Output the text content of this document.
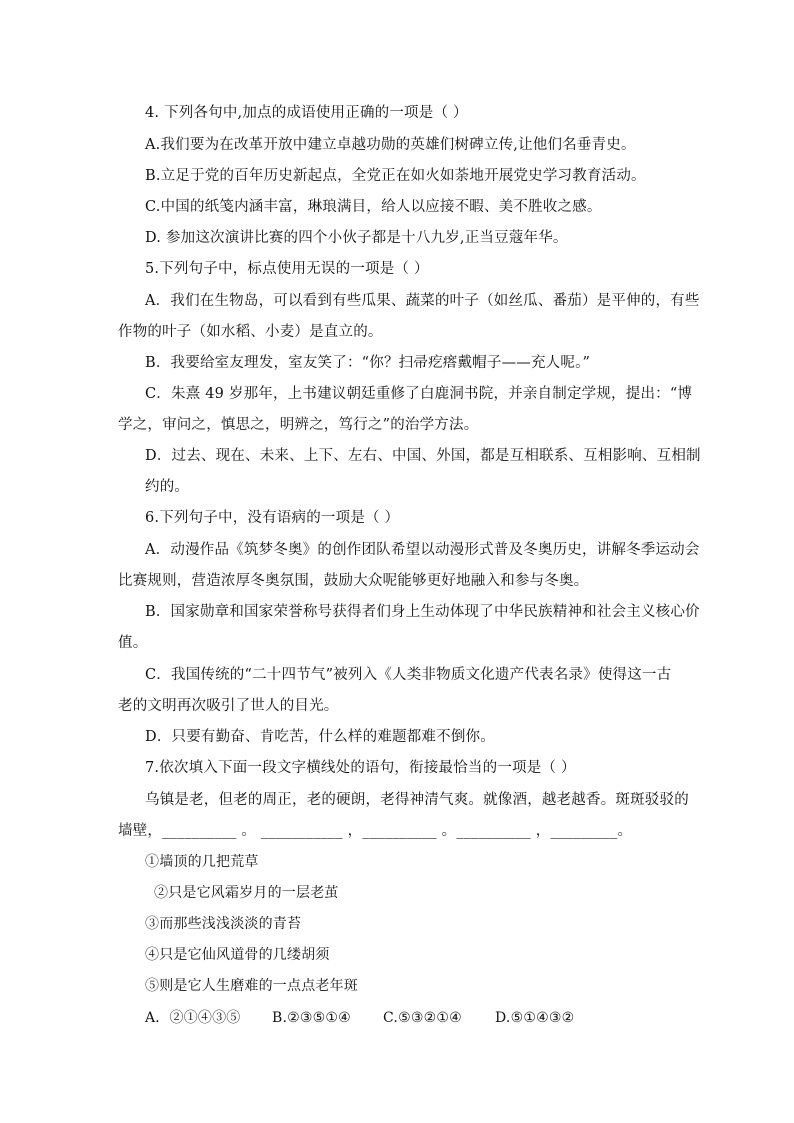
4. 下列各句中,加点的成语使用正确的一项是（ ）
A.我们要为在改革开放中建立卓越功勋的英雄们树碑立传,让他们名垂青史。
B.立足于党的百年历史新起点，全党正在如火如荼地开展党史学习教育活动。
C.中国的纸笺内涵丰富，琳琅满目，给人以应接不暇、美不胜收之感。
D. 参加这次演讲比赛的四个小伙子都是十八九岁,正当豆蔻年华。
5.下列句子中，标点使用无误的一项是（ ）
A．我们在生物岛，可以看到有些瓜果、蔬菜的叶子（如丝瓜、番茄）是平伸的，有些
作物的叶子（如水稻、小麦）是直立的。
B．我要给室友理发，室友笑了：“你？扫帚疙瘩戴帽子——充人呢。”
C．朱熹 49 岁那年，上书建议朝廷重修了白鹿洞书院，并亲自制定学规，提出：“博
学之，审问之，慎思之，明辨之，笃行之”的治学方法。
D．过去、现在、未来、上下、左右、中国、外国，都是互相联系、互相影响、互相制
约的。
6.下列句子中，没有语病的一项是（ ）
A．动漫作品《筑梦冬奥》的创作团队希望以动漫形式普及冬奥历史，讲解冬季运动会
比赛规则，营造浓厚冬奥氛围，鼓励大众呢能够更好地融入和参与冬奥。
B．国家勋章和国家荣誉称号获得者们身上生动体现了中华民族精神和社会主义核心价
值。
C．我国传统的“二十四节气”被列入《人类非物质文化遗产代表名录》使得这一古
老的文明再次吸引了世人的目光。
D．只要有勤奋、肯吃苦，什么样的难题都难不倒你。
7.依次填入下面一段文字横线处的语句，衔接最恰当的一项是（ ）
乌镇是老，但老的周正，老的硬朗，老得神清气爽。就像酒，越老越香。斑斑驳驳的
墙壁，__________ 。 ___________ ，__________ 。__________ ，_________。
①墙顶的几把荒草
②只是它风霜岁月的一层老茧
③而那些浅浅淡淡的青苔
④只是它仙风道骨的几缕胡须
⑤则是它人生磨难的一点点老年斑
A．②①④③⑤ B.②③⑤①④ C.⑤③②①④ D.⑤①④③②
